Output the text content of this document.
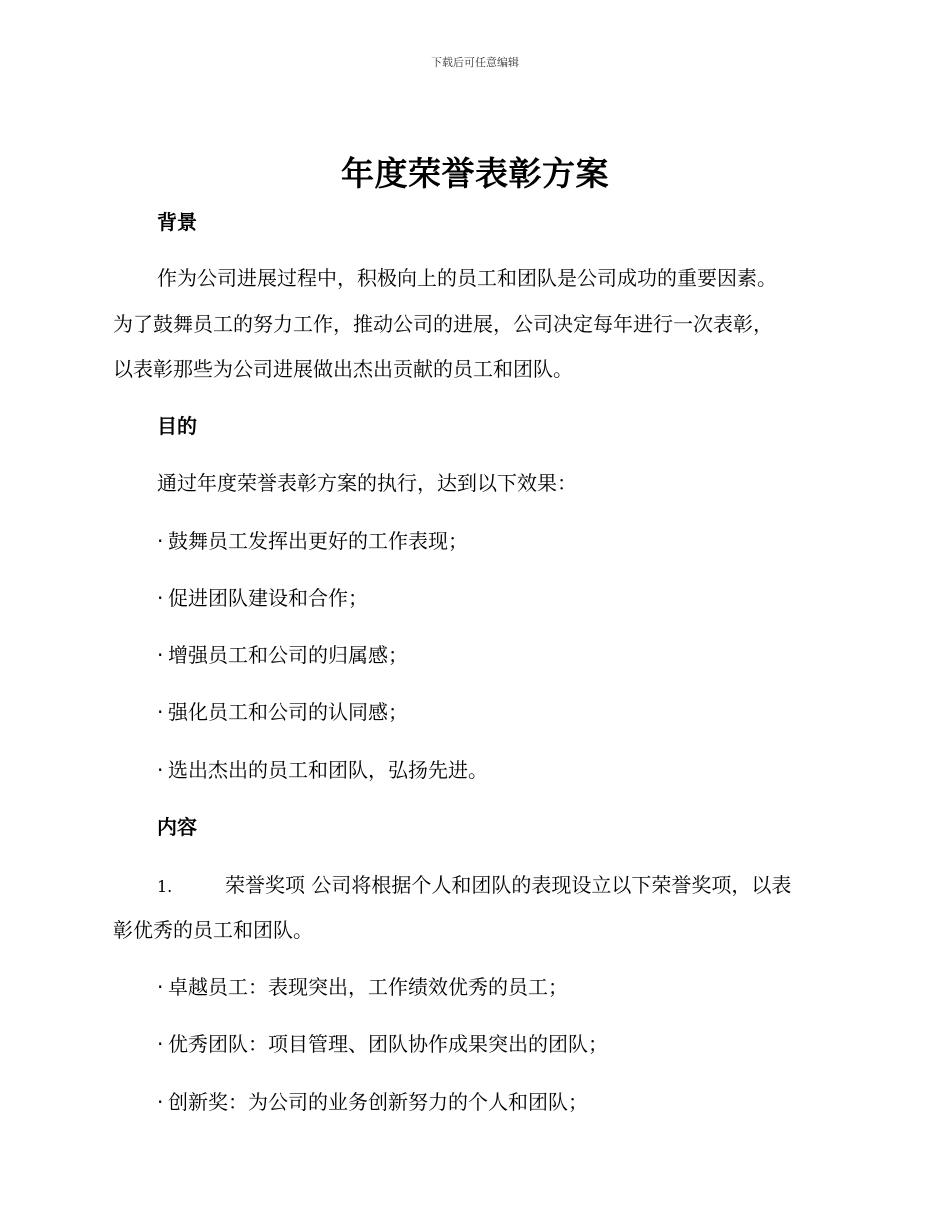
下载后可任意编辑
年度荣誉表彰方案
背景
作为公司进展过程中，积极向上的员工和团队是公司成功的重要因素。
为了鼓舞员工的努力工作，推动公司的进展，公司决定每年进行一次表彰，
以表彰那些为公司进展做出杰出贡献的员工和团队。
目的
通过年度荣誉表彰方案的执行，达到以下效果：
· 鼓舞员工发挥出更好的工作表现；
· 促进团队建设和合作；
· 增强员工和公司的归属感；
· 强化员工和公司的认同感；
· 选出杰出的员工和团队，弘扬先进。
内容
1.	荣誉奖项 公司将根据个人和团队的表现设立以下荣誉奖项，以表
彰优秀的员工和团队。
· 卓越员工：表现突出，工作绩效优秀的员工；
· 优秀团队：项目管理、团队协作成果突出的团队；
· 创新奖：为公司的业务创新努力的个人和团队；
